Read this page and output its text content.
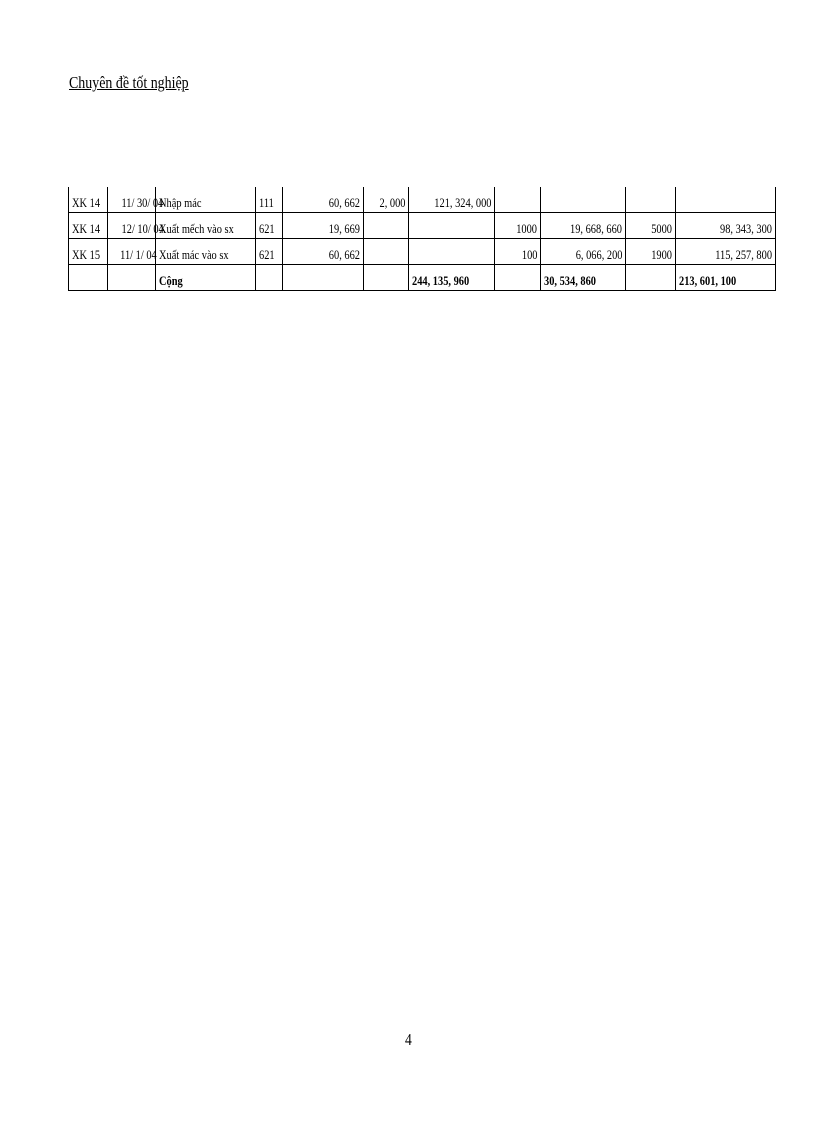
Chuyên đề tốt nghiệp
XK 14	11/ 30/ 04	Nhập mác	111	60, 662	2, 000	121, 324, 000				
XK 14	12/ 10/ 04	Xuất mếch vào sx	621	19, 669			1000	19, 668, 660	5000	98, 343, 300
XK 15	11/ 1/ 04	Xuất mác vào sx	621	60, 662			100	6, 066, 200	1900	115, 257, 800
		Cộng				244, 135, 960		30, 534, 860		213, 601, 100
4
